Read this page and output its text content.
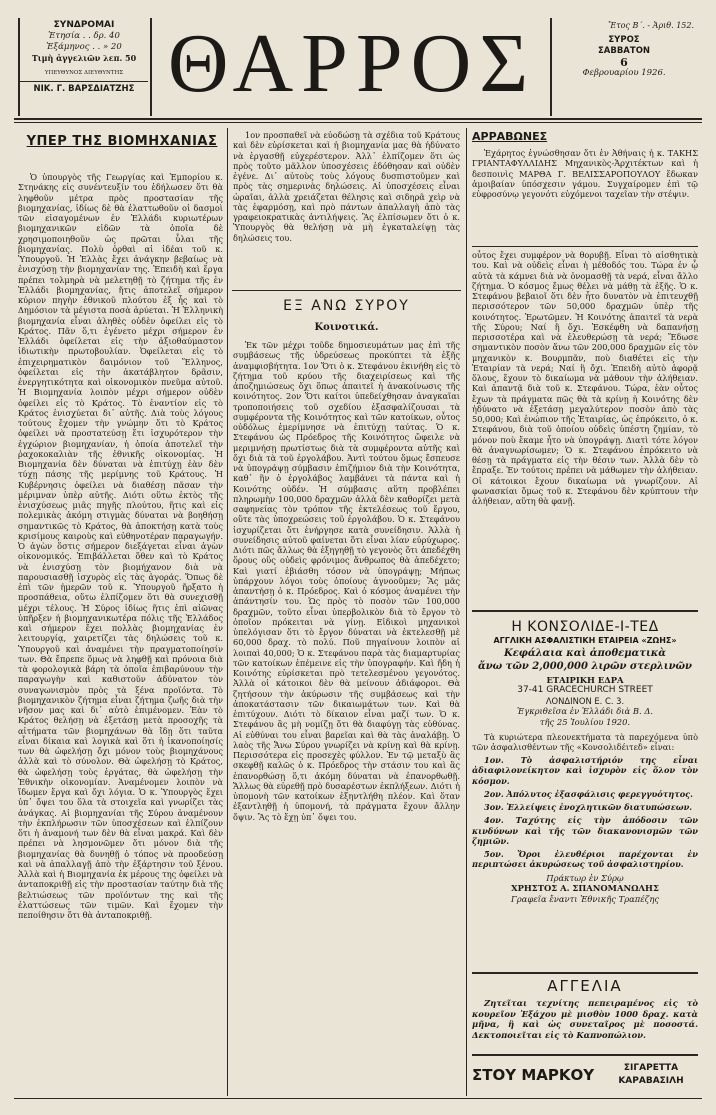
ΣΥΝΔΡΟΜΑΙ
Ἐτησία . . δρ. 40
Ἑξάμηνος . . » 20
Τιμὴ ἀγγελιῶν λεπ. 50
ΥΠΕΥΘΥΝΟΣ ΔΙΕΥΘΥΝΤΗΣ
ΝΙΚ. Γ. ΒΑΡΣΔΙΑΤΖΗΣ ΘΑΡΡΟΣ	Ἔτος Β΄. - Ἀριθ. 152.
ΣΥΡΟΣ
ΣΑΒΒΑΤΟΝ
6
Φεβρουαρίου 1926.
ΥΠΕΡ ΤΗΣ ΒΙΟΜΗΧΑΝΙΑΣ
Ὁ ὑπουργὸς τῆς Γεωργίας καὶ Ἐμπορίου κ. Στηνάκης εἰς συνέντευξίν του ἐδήλωσεν ὅτι θὰ ληφθοῦν μέτρα πρὸς προστασίαν τῆς βιομηχανίας, ἰδίως δὲ θὰ ἐλαττωθοῦν οἱ δασμοὶ τῶν εἰσαγομένων ἐν Ἑλλάδι κυριωτέρων βιομηχανικῶν εἰδῶν τὰ ὁποῖα δὲ χρησιμοποιηθοῦν ὡς πρῶται ὗλαι τῆς βιομηχανίας. Πολὺ ὀρθαὶ αἱ ἰδέαι τοῦ κ. Ὑπουργοῦ. Ἡ Ἑλλὰς ἔχει ἀνάγκην βεβαίως νὰ ἐνισχύσῃ τὴν βιομηχανίαν της. Ἐπειδὴ καὶ ἔργα πρέπει τολμηρὰ νὰ μελετηθῇ τὸ ζήτημα τῆς ἐν Ἑλλάδι βιομηχανίας, ἥτις ἀποτελεῖ σήμερον κύριον πηγὴν ἐθνικοῦ πλούτου ἐξ ἧς καὶ τὸ Δημόσιον τὰ μέγιστα ποσὰ ἀρύεται. Ἡ Ἑλληνικὴ βιομηχανία εἶναι ἀληθὲς οὐδὲν ὀφείλει εἰς τὸ Κράτος. Πᾶν ὅ,τι ἐγένετο μέχρι σήμερον ἐν Ἑλλάδι ὀφείλεται εἰς τὴν ἀξιοθαύμαστον ἰδιωτικὴν πρωτοβουλίαν. Ὀφείλεται εἰς τὸ ἐπιχειρηματικὸν δαιμόνιον τοῦ Ἕλληνος, ὀφείλεται εἰς τὴν ἀκατάβλητον δρᾶσιν, ἐνεργητικότητα καὶ οἰκονομικὸν πνεῦμα αὐτοῦ. Ἡ Βιομηχανία λοιπὸν μέχρι σήμερον οὐδὲν ὀφείλει εἰς τὸ Κράτος. Τὸ ἐναντίον εἰς τὸ Κράτος ἐνισχύεται δι᾽ αὐτῆς. Διὰ τοὺς λόγους τούτους ἔχομεν τὴν γνώμην ὅτι τὸ Κράτος ὀφείλει νὰ προστατεύσῃ ἔτι ἰσχυρότερον τὴν ἐγχώριον βιομηχανίαν, ἡ ὁποία ἀποτελεῖ τὴν ῥαχοκοκαλιὰν τῆς ἐθνικῆς οἰκονομίας. Ἡ Βιομηχανία δὲν δύναται νὰ ἐπιτύχῃ ἐὰν δὲν τύχῃ πάσης τῆς μερίμνης τοῦ Κράτους. Ἡ Κυβέρνησις ὀφείλει νὰ διαθέσῃ πᾶσαν τὴν μέριμναν ὑπὲρ αὐτῆς. Διότι οὕτω ἐκτὸς τῆς ἐνισχύσεως μιᾶς πηγῆς πλούτου, ἥτις καὶ εἰς πολεμικὰς ἀκόμη στιγμὰς δύναται νὰ βοηθήσῃ σημαντικῶς τὸ Κράτος, θὰ ἀποκτήσῃ κατὰ τοὺς κρισίμους καιροὺς καὶ εὐθηνοτέραν παραγωγήν. Ὁ ἀγὼν ὅστις σήμερον διεξάγεται εἶναι ἀγὼν οἰκονομικός. Ἐπιβάλλεται ὅθεν καὶ τὸ Κράτος νὰ ἐνισχύσῃ τὸν βιομήχανον διὰ νὰ παρουσιασθῇ ἰσχυρὸς εἰς τὰς ἀγοράς. Ὅπως δὲ ἐπὶ τῶν ἡμερῶν τοῦ κ. Ὑπουργοῦ ἤρξατο ἡ προσπάθεια, οὕτω ἐλπίζομεν ὅτι θὰ συνεχισθῇ μέχρι τέλους. Ἡ Σύρος ἰδίως ἥτις ἐπὶ αἰῶνας ὑπῆρξεν ἡ βιομηχανικωτέρα πόλις τῆς Ἑλλάδος καὶ σήμερον ἔχει πολλὰς βιομηχανίας ἐν λειτουργίᾳ, χαιρετίζει τὰς δηλώσεις τοῦ κ. Ὑπουργοῦ καὶ ἀναμένει τὴν πραγματοποίησίν των. Θὰ ἔπρεπε ὅμως νὰ ληφθῇ καὶ πρόνοια διὰ τὰ φορολογικὰ βάρη τὰ ὁποῖα ἐπιβαρύνουν τὴν παραγωγὴν καὶ καθιστοῦν ἀδύνατον τὸν συναγωνισμὸν πρὸς τὰ ξένα προϊόντα. Τὸ βιομηχανικὸν ζήτημα εἶναι ζήτημα ζωῆς διὰ τὴν νῆσον μας καὶ δι᾽ αὐτὸ ἐπιμένομεν. Ἐὰν τὸ Κράτος θελήσῃ νὰ ἐξετάσῃ μετὰ προσοχῆς τὰ αἰτήματα τῶν βιομηχάνων θὰ ἴδῃ ὅτι ταῦτα εἶναι δίκαια καὶ λογικὰ καὶ ὅτι ἡ ἱκανοποίησίς των θὰ ὠφελήσῃ ὄχι μόνον τοὺς βιομηχάνους ἀλλὰ καὶ τὸ σύνολον. Θὰ ὠφελήσῃ τὸ Κράτος, θὰ ὠφελήσῃ τοὺς ἐργάτας, θὰ ὠφελήσῃ τὴν Ἐθνικὴν οἰκονομίαν. Ἀναμένομεν λοιπὸν νὰ ἴδωμεν ἔργα καὶ ὄχι λόγια. Ὁ κ. Ὑπουργὸς ἔχει ὑπ᾽ ὄψει του ὅλα τὰ στοιχεῖα καὶ γνωρίζει τὰς ἀνάγκας. Αἱ βιομηχανίαι τῆς Σύρου ἀναμένουν τὴν ἐκπλήρωσιν τῶν ὑποσχέσεων καὶ ἐλπίζουν ὅτι ἡ ἀναμονή των δὲν θὰ εἶναι μακρά. Καὶ δὲν πρέπει νὰ λησμονῶμεν ὅτι μόνον διὰ τῆς βιομηχανίας θὰ δυνηθῇ ὁ τόπος νὰ προοδεύσῃ καὶ νὰ ἀπαλλαγῇ ἀπὸ τὴν ἐξάρτησιν τοῦ ξένου. Ἀλλὰ καὶ ἡ Βιομηχανία ἐκ μέρους της ὀφείλει νὰ ἀνταποκριθῇ εἰς τὴν προστασίαν ταύτην διὰ τῆς βελτιώσεως τῶν προϊόντων της καὶ τῆς ἐλαττώσεως τῶν τιμῶν. Καὶ ἔχομεν τὴν πεποίθησιν ὅτι θὰ ἀνταποκριθῇ.
1ον προσπαθεῖ νὰ εὐοδώσῃ τὰ σχέδια τοῦ Κράτους καὶ δὲν εὐρίσκεται καὶ ἡ βιομηχανία μας θὰ ἠδύνατο νὰ ἐργασθῇ εὐχερέστερον. Ἀλλ᾽ ἐλπίζομεν ὅτι ὡς πρὸς τοῦτο μᾶλλον ὑποσχέσεις ἐδόθησαν καὶ οὐδὲν ἐγένε. Δι᾽ αὐτοὺς τοὺς λόγους δυσπιστοῦμεν καὶ πρὸς τὰς σημερινὰς δηλώσεις. Αἱ ὑποσχέσεις εἶναι ὡραῖαι, ἀλλὰ χρειάζεται θέλησις καὶ σιδηρᾶ χεὶρ νὰ τὰς ἐφαρμόσῃ, καὶ πρὸ πάντων ἀπαλλαγὴ ἀπὸ τὰς γραφειοκρατικὰς ἀντιλήψεις. Ἂς ἐλπίσωμεν ὅτι ὁ κ. Ὑπουργὸς θὰ θελήσῃ νὰ μὴ ἐγκαταλείψῃ τὰς δηλώσεις του.
ΕΞ ΑΝΩ ΣΥΡΟΥ
Κοινοτικά.
Ἐκ τῶν μέχρι τοῦδε δημοσιευμάτων μας ἐπὶ τῆς συμβάσεως τῆς ὑδρεύσεως προκύπτει τὰ ἑξῆς ἀναμφισβήτητα. 1ον Ὅτι ὁ κ. Στεφάνου ἐκινήθη εἰς τὸ ζήτημα τοῦ κρύου τῆς διαχειρίσεως καὶ τῆς ἀποζημιώσεως ὄχι ὅπως ἀπαιτεῖ ἡ ἀνακοίνωσις τῆς κοινότητος. 2ον Ὅτι καίτοι ὑπεδείχθησαν ἀναγκαῖαι τροποποιήσεις τοῦ σχεδίου ἐξασφαλίζουσαι τὰ συμφέροντα τῆς Κοινότητος καὶ τῶν κατοίκων, οὗτος οὐδόλως ἐμερίμνησε νὰ ἐπιτύχῃ ταύτας. Ὁ κ. Στεφάνου ὡς Πρόεδρος τῆς Κοινότητος ὤφειλε νὰ μεριμνήσῃ πρωτίστως διὰ τὰ συμφέροντα αὐτῆς καὶ ὄχι διὰ τὰ τοῦ ἐργολάβου. Ἀντὶ τούτου ὅμως ἔσπευσε νὰ ὑπογράψῃ σύμβασιν ἐπιζήμιον διὰ τὴν Κοινότητα, καθ᾽ ἣν ὁ ἐργολάβος λαμβάνει τὰ πάντα καὶ ἡ Κοινότης οὐδέν. Ἡ σύμβασις αὕτη προβλέπει πληρωμὴν 100,000 δραχμῶν ἀλλὰ δὲν καθορίζει μετὰ σαφηνείας τὸν τρόπον τῆς ἐκτελέσεως τοῦ ἔργου, οὔτε τὰς ὑποχρεώσεις τοῦ ἐργολάβου. Ὁ κ. Στεφάνου ἰσχυρίζεται ὅτι ἐνήργησε κατὰ συνείδησιν. Ἀλλὰ ἡ συνείδησις αὐτοῦ φαίνεται ὅτι εἶναι λίαν εὐρύχωρος. Διότι πῶς ἄλλως θὰ ἐξηγηθῇ τὸ γεγονὸς ὅτι ἀπεδέχθη ὅρους οὓς οὐδεὶς φρόνιμος ἄνθρωπος θὰ ἀπεδέχετο; Καὶ γιατί ἐβιάσθη τόσον νὰ ὑπογράψῃ; Μήπως ὑπάρχουν λόγοι τοὺς ὁποίους ἀγνοοῦμεν; Ἂς μᾶς ἀπαντήσῃ ὁ κ. Πρόεδρος. Καὶ ὁ κόσμος ἀναμένει τὴν ἀπάντησίν του. Ὡς πρὸς τὸ ποσὸν τῶν 100,000 δραχμῶν, τοῦτο εἶναι ὑπερβολικὸν διὰ τὸ ἔργον τὸ ὁποῖον πρόκειται νὰ γίνῃ. Εἰδικοὶ μηχανικοὶ ὑπελόγισαν ὅτι τὸ ἔργον δύναται νὰ ἐκτελεσθῇ μὲ 60,000 δραχ. τὸ πολύ. Ποῦ πηγαίνουν λοιπὸν αἱ λοιπαὶ 40,000; Ὁ κ. Στεφάνου παρὰ τὰς διαμαρτυρίας τῶν κατοίκων ἐπέμεινε εἰς τὴν ὑπογραφήν. Καὶ ἤδη ἡ Κοινότης εὑρίσκεται πρὸ τετελεσμένου γεγονότος. Ἀλλὰ οἱ κάτοικοι δὲν θὰ μείνουν ἀδιάφοροι. Θὰ ζητήσουν τὴν ἀκύρωσιν τῆς συμβάσεως καὶ τὴν ἀποκατάστασιν τῶν δικαιωμάτων των. Καὶ θὰ ἐπιτύχουν. Διότι τὸ δίκαιον εἶναι μαζί των. Ὁ κ. Στεφάνου ἂς μὴ νομίζῃ ὅτι θὰ διαφύγῃ τὰς εὐθύνας. Αἱ εὐθύναι του εἶναι βαρεῖαι καὶ θὰ τὰς ἀναλάβῃ. Ὁ λαὸς τῆς Ἄνω Σύρου γνωρίζει νὰ κρίνῃ καὶ θὰ κρίνῃ. Περισσότερα εἰς προσεχὲς φύλλον. Ἐν τῷ μεταξὺ ἂς σκεφθῇ καλῶς ὁ κ. Πρόεδρος τὴν στάσιν του καὶ ἂς ἐπανορθώσῃ ὅ,τι ἀκόμη δύναται νὰ ἐπανορθωθῇ. Ἄλλως θὰ εὑρεθῇ πρὸ δυσαρέστων ἐκπλήξεων. Διότι ἡ ὑπομονὴ τῶν κατοίκων ἐξηντλήθη πλέον. Καὶ ὅταν ἐξαντληθῇ ἡ ὑπομονή, τὰ πράγματα ἔχουν ἄλλην ὄψιν. Ἂς τὸ ἔχῃ ὑπ᾽ ὄψει του.
ΑΡΡΑΒΩΝΕΣ
Ἐχάρητος ἐγνώσθησαν ὅτι ἐν Ἀθήναις ἡ κ. ΤΑΚΗΣ ΓΡΙΑΝΤΑΦΥΛΛΙΔΗΣ Μηχανικὸς-Ἀρχιτέκτων καὶ ἡ δεσποινὶς ΜΑΡΘΑ Γ. ΒΕΛΙΣΣΑΡΟΠΟΥΛΟΥ ἔδωκαν ἀμοιβαίαν ὑπόσχεσιν γάμου. Συγχαίρομεν ἐπὶ τῷ εὐφροσύνῳ γεγονότι εὐχόμενοι ταχεῖαν τὴν στέψιν.
οὗτος ἔχει συμφέρον νὰ θορυβῇ. Εἶναι τὸ αἰσθητικὰ του. Καὶ νὰ οὐδεὶς εἶναι ἡ μέθοδός του. Τώρα ἐν ᾧ αὐτὰ τὰ κάμνει διὰ νὰ ὀνομασθῇ τὰ νερά, εἶναι ἄλλο ζήτημα. Ὁ κόσμος ἔμως θέλει νὰ μάθῃ τὰ ἑξῆς. Ὁ κ. Στεφάνου βεβαιοῖ ὅτι δὲν ἦτο δυνατὸν νὰ ἐπιτευχθῇ περισσότερον τῶν 50,000 δραχμῶν ὑπὲρ τῆς κοινότητος. Ἐρωτῶμεν. Ἡ Κοινότης ἀπαιτεῖ τὰ νερὰ τῆς Σύρου; Ναί ἢ ὄχι. Ἐσκέφθη νὰ δαπανήσῃ περισσοτέρα καὶ νὰ ἐλευθερώσῃ τὰ νερά; Ἔδωσε σημαντικὸν ποσὸν ἄνω τῶν 200,000 δραχμῶν εἰς τὸν μηχανικὸν κ. Βουρμπᾶν, ποὺ διαθέτει εἰς τὴν Ἑταιρίαν τὰ νερά; Ναί ἢ ὄχι. Ἐπειδὴ αὐτὸ ἀφορᾷ ὅλους, ἔχουν τὸ δικαίωμα νὰ μάθουν τὴν ἀλήθειαν. Καὶ ἀπαντᾷ διὰ τοῦ κ. Στεφάνου. Τώρα, ἐὰν οὗτος ἔχων τὰ πράγματα πῶς θὰ τὰ κρίνῃ ἡ Κοινότης δὲν ἠδύνατο νὰ ἐξετάσῃ μεγαλύτερον ποσὸν ἀπὸ τὰς 50,000; Καὶ ἐνώπιον τῆς Ἑταιρίας, ὡς ἐπρόκειτο, ὁ κ. Στεφάνου, διὰ τοῦ ὁποίου οὐδεὶς ὑπέστη ζημίαν, τὸ μόνον ποὺ ἔκαμε ἦτο νὰ ὑπογράψῃ. Διατὶ τότε λόγον θὰ ἀναγνωρίσωμεν; Ὁ κ. Στεφάνου ἐπρόκειτο νὰ θέσῃ τὰ πράγματα εἰς τὴν θέσιν των. Ἀλλὰ δὲν τὸ ἔπραξε. Ἐν τούτοις πρέπει νὰ μάθωμεν τὴν ἀλήθειαν. Οἱ κάτοικοι ἔχουν δικαίωμα νὰ γνωρίζουν. Αἱ φωνασκίαι ὅμως τοῦ κ. Στεφάνου δὲν κρύπτουν τὴν ἀλήθειαν, αὕτη θὰ φανῇ.
Η ΚΟΝΣΟΛΙΔΕ-Ι-ΤΕΔ
ΑΓΓΛΙΚΗ ΑΣΦΑΛΙΣΤΙΚΗ ΕΤΑΙΡΕΙΑ «ΖΩΗΣ»
Κεφάλαια καὶ ἀποθεματικὰ
ἄνω τῶν 2,000,000 λιρῶν στερλινῶν
ΕΤΑΙΡΙΚΗ ΕΔΡΑ
37-41 GRACECHURCH STREET
ΛΟΝΔΙΝΟΝ Ε. C. 3.
Ἐγκριθεῖσα ἐν Ἑλλάδι διὰ Β. Δ.
τῆς 25 Ἰουλίου 1920.
Τὰ κυριώτερα πλεονεκτήματα τὰ παρεχόμενα ὑπὸ τῶν ἀσφαλισθέντων τῆς «Κονσολιδέιτεδ» εἶναι:
1ον. Τὸ ἀσφαλιστήριόν της εἶναι ἀδιαφιλονείκητον καὶ ἰσχυρὸν εἰς ὅλον τὸν κόσμον.
2ον. Ἀπόλυτος ἐξασφάλισις φερεγγυότητος.
3ον. Ἐλλείψεις ἐνοχλητικῶν διατυπώσεων.
4ον. Ταχύτης εἰς τὴν ἀπόδοσιν τῶν κινδύνων καὶ τῆς τῶν διακανονισμῶν τῶν ζημιῶν.
5ον. Ὅροι ἐλευθέριοι παρέχονται ἐν περιπτώσει ἀκυρώσεως τοῦ ἀσφαλιστηρίου.
Πράκτωρ ἐν Σύρῳ
ΧΡΗΣΤΟΣ Α. ΣΠΑΝΟΜΑΝΩΛΗΣ
Γραφεῖα ἔναντι Ἐθνικῆς Τραπέζης
ΑΓΓΕΛΙΑ
Ζητεῖται τεχνίτης πεπειραμένος εἰς τὸ κουρεῖον Ἐξάχου μὲ μισθὸν 1000 δραχ. κατὰ μῆνα, ἢ καὶ ὡς συνεταῖρος μὲ ποσοστά. Δεκτοποιεῖται εἰς τὸ Καπνοπώλιον.
ΣΤΟΥ ΜΑΡΚΟΥ	ΣΙΓΑΡΕΤΤΑ
ΚΑΡΑΒΑΣΙΛΗ
